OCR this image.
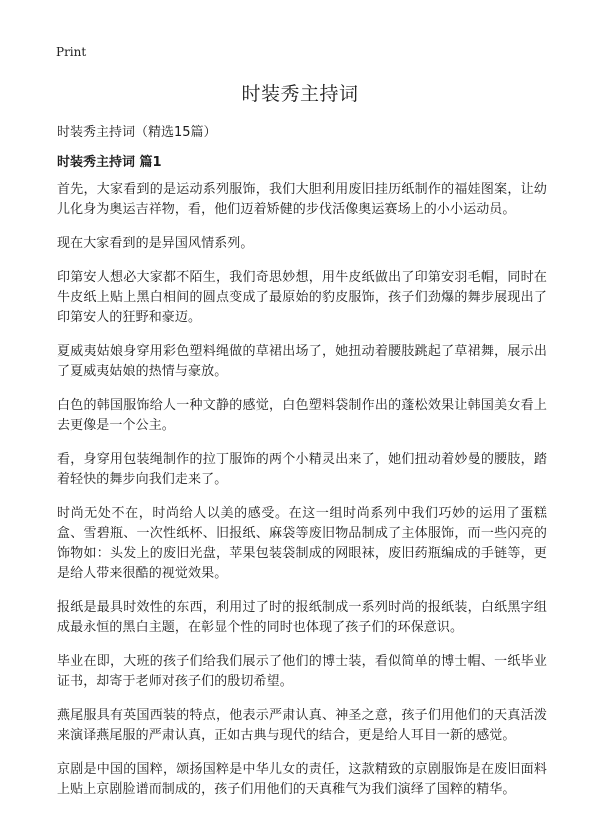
Print
时装秀主持词

时装秀主持词（精选15篇）

时装秀主持词 篇1

首先，大家看到的是运动系列服饰，我们大胆利用废旧挂历纸制作的福娃图案，让幼儿化身为奥运吉祥物，看，他们迈着矫健的步伐活像奥运赛场上的小小运动员。

现在大家看到的是异国风情系列。

印第安人想必大家都不陌生，我们奇思妙想，用牛皮纸做出了印第安羽毛帽，同时在牛皮纸上贴上黑白相间的圆点变成了最原始的豹皮服饰，孩子们劲爆的舞步展现出了印第安人的狂野和豪迈。

夏威夷姑娘身穿用彩色塑料绳做的草裙出场了，她扭动着腰肢跳起了草裙舞，展示出了夏威夷姑娘的热情与豪放。

白色的韩国服饰给人一种文静的感觉，白色塑料袋制作出的蓬松效果让韩国美女看上去更像是一个公主。

看，身穿用包装绳制作的拉丁服饰的两个小精灵出来了，她们扭动着妙曼的腰肢，踏着轻快的舞步向我们走来了。

时尚无处不在，时尚给人以美的感受。在这一组时尚系列中我们巧妙的运用了蛋糕盒、雪碧瓶、一次性纸杯、旧报纸、麻袋等废旧物品制成了主体服饰，而一些闪亮的饰物如：头发上的废旧光盘，苹果包装袋制成的网眼袜，废旧药瓶编成的手链等，更是给人带来很酷的视觉效果。

报纸是最具时效性的东西，利用过了时的报纸制成一系列时尚的报纸装，白纸黑字组成最永恒的黑白主题，在彰显个性的同时也体现了孩子们的环保意识。

毕业在即，大班的孩子们给我们展示了他们的博士装，看似简单的博士帽、一纸毕业证书，却寄于老师对孩子们的殷切希望。

燕尾服具有英国西装的特点，他表示严肃认真、神圣之意，孩子们用他们的天真活泼来演译燕尾服的严肃认真，正如古典与现代的结合，更是给人耳目一新的感觉。

京剧是中国的国粹，颂扬国粹是中华儿女的责任，这款精致的京剧服饰是在废旧面料上贴上京剧脸谱而制成的，孩子们用他们的天真稚气为我们演绎了国粹的精华。
